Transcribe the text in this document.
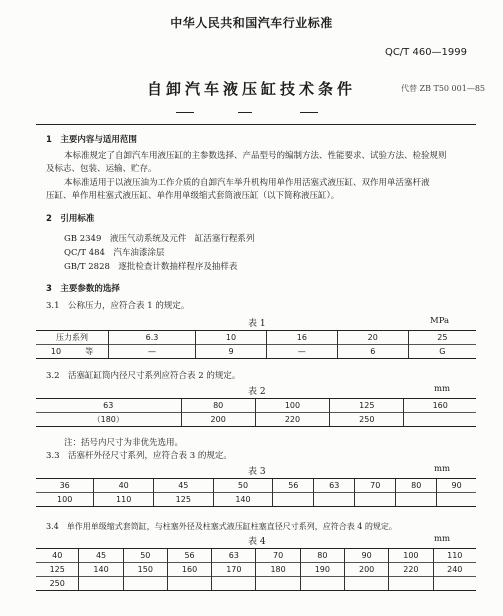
中华人民共和国汽车行业标准
QC/T 460—1999
自卸汽车液压缸技术条件	代替 ZB T50 001—85
1　主要内容与适用范围
本标准规定了自卸汽车用液压缸的主参数选择、产品型号的编制方法、性能要求、试验方法、检验规则
及标志、包装、运输、贮存。
本标准适用于以液压油为工作介质的自卸汽车举升机构用单作用活塞式液压缸、双作用单活塞杆液
压缸、单作用柱塞式液压缸、单作用单级缩式套筒液压缸（以下简称液压缸）。
2　引用标准
GB 2349　液压气动系统及元件　缸活塞行程系列
QC/T 484　汽车油漆涂层
GB/T 2828　逐批检查计数抽样程序及抽样表
3　主要参数的选择
3.1　公称压力，应符合表 1 的规定。
表 1	MPa
压力系列	6.3	10	16	20	25
10　　　等	—	9	—	6	G
3.2　活塞缸缸筒内径尺寸系列应符合表 2 的规定。
表 2	mm
63	80	100	125	160
（180）	200	220	250	
注：括号内尺寸为非优先选用。
3.3　活塞杆外径尺寸系列，应符合表 3 的规定。
表 3	mm
36	40	45	50	56	63	70	80	90
100	110	125	140					
3.4　单作用单级缩式套筒缸，与柱塞外径及柱塞式液压缸柱塞直径尺寸系列，应符合表 4 的规定。
表 4	mm
40	45	50	56	63	70	80	90	100	110
125	140	150	160	170	180	190	200	220	240
250									
